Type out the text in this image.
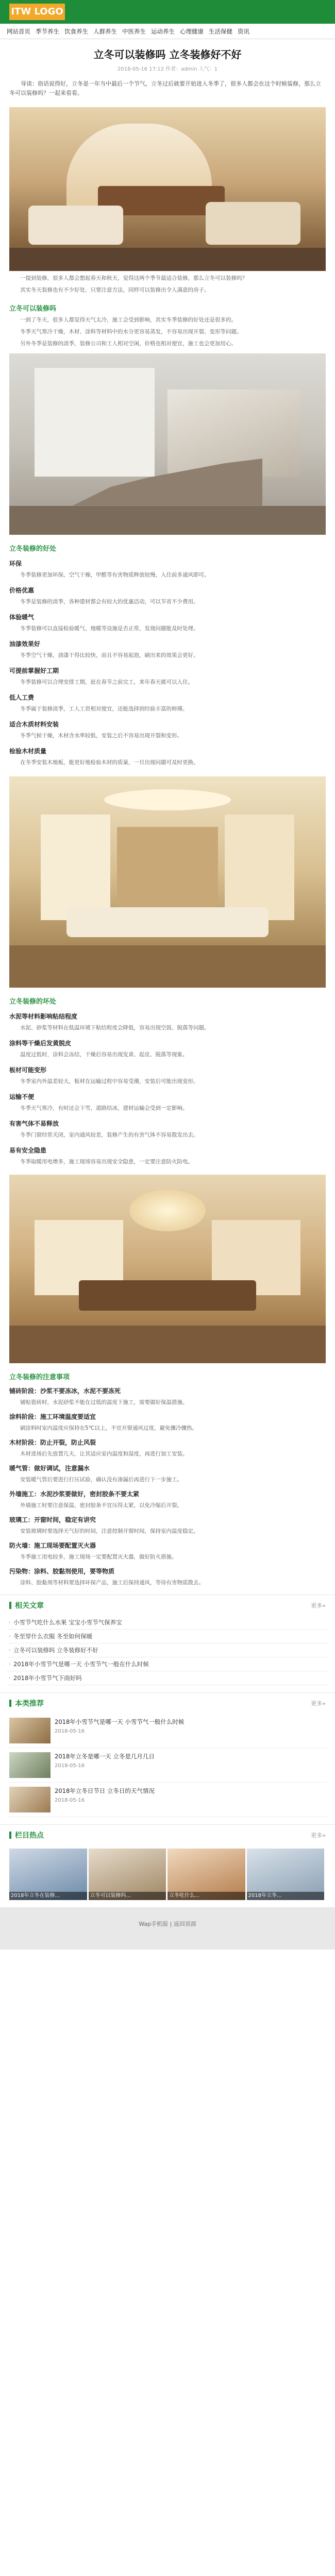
ITW LOGO
网站首页 季节养生 饮食养生 人群养生 中医养生 运动养生 心理健康 生活保健 资讯
立冬可以装修吗 立冬装修好不好
2018-05-16 17:12 作者：admin 人气：1

导读：俗话说得好，立冬是一年当中最后一个节气，立冬过后就要开始进入冬季了，很多人都会在这个时候装修，那么立冬可以装修吗？一起来看看。

一提到装修，很多人都会想起春天和秋天，觉得这两个季节最适合装修，那么立冬可以装修吗？

其实冬天装修也有不少好处，只要注意方法，同样可以装修出令人满意的房子。

立冬可以装修吗

一到了冬天，很多人都觉得天气太冷，施工会受到影响，其实冬季装修的好处还是很多的。

冬季天气寒冷干燥，木材、涂料等材料中的水分更容易蒸发，不容易出现开裂、变形等问题。

另外冬季是装修的淡季，装修公司和工人相对空闲，价格也相对便宜，施工也会更加用心。

立冬装修的好处
环保

冬季装修更加环保，空气干燥，甲醛等有害物质释放较慢，入住前多通风即可。

价格优惠

冬季是装修的淡季，各种建材都会有较大的优惠活动，可以节省不少费用。

体验暖气

冬季装修可以直接检验暖气、地暖等设施是否正常，发现问题能及时处理。

油漆效果好

冬季空气干燥，油漆干得比较快，而且不容易起泡，刷出来的效果会更好。

可提前掌握好工期

冬季装修可以合理安排工期，赶在春节之前完工，来年春天就可以入住。

低人工费

冬季属于装修淡季，工人工资相对便宜，还能选择到经验丰富的师傅。

适合木质材料安装

冬季气候干燥，木材含水率较低，安装之后不容易出现开裂和变形。

检验木材质量

在冬季安装木地板，能更好地检验木材的质量，一旦出现问题可及时更换。

立冬装修的坏处
水泥等材料影响粘结程度

水泥、砂浆等材料在低温环境下粘结程度会降低，容易出现空鼓、脱落等问题。

涂料等干燥后发黄脱皮

温度过低时，涂料会冻结，干燥后容易出现发黄、起皮、脱落等现象。

板材可能变形

冬季室内外温差较大，板材在运输过程中容易受潮，安装后可能出现变形。

运输不便

冬季天气寒冷，有时还会下雪，道路结冰，建材运输会受到一定影响。

有害气体不易释放

冬季门窗经常关闭，室内通风较差，装修产生的有害气体不容易散发出去。

易有安全隐患

冬季取暖用电增多，施工现场容易出现安全隐患，一定要注意防火防电。

立冬装修的注意事项
铺砖阶段：沙浆不要冻冰，水泥不要冻死

铺贴瓷砖时，水泥砂浆不能在过低的温度下施工，需要做好保温措施。

涂料阶段：施工环境温度要适宜

刷涂料时室内温度应保持在5℃以上，不宜开窗通风过度，避免骤冷骤热。

木材阶段：防止开裂，防止风裂

木材进场后先放置几天，让其适应室内温度和湿度，再进行加工安装。

暖气管：做好调试，注意漏水

安装暖气管后要进行打压试验，确认没有渗漏后再进行下一步施工。

外墙施工：水泥沙浆要做好，密封胶条不要太紧

外墙施工时要注意保温，密封胶条不宜压得太紧，以免冷缩后开裂。

玻璃工：开窗时间，稳定有讲究

安装玻璃时要选择天气好的时间，注意控制开窗时间，保持室内温度稳定。

防火墙：施工现场要配置灭火器

冬季施工用电较多，施工现场一定要配置灭火器，做好防火措施。

污染物：涂料、胶黏剂使用，要等物质

涂料、胶黏剂等材料要选择环保产品，施工后保持通风，等待有害物质散去。

相关文章	更多»
· 小雪节气吃什么水果 宝宝小雪节气保养宝
· 冬至穿什么衣服 冬至如何保暖
· 立冬可以装修吗 立冬装修好不好
· 2018年小雪节气是哪一天 小雪节气一般在什么时候
· 2018年小雪节气下雨好吗
本类推荐	更多»
2018年小雪节气是哪一天 小雪节气一般什么时候
2018-05-16
2018年立冬是哪一天 立冬是几月几日
2018-05-16
2018年立冬日节日 立冬日的天气情况
2018-05-16
栏目热点	更多»
2018年立冬在装修...	立冬可以装修吗...	立冬吃什么...	2018年立冬...
Wap手机版 | 返回顶部
